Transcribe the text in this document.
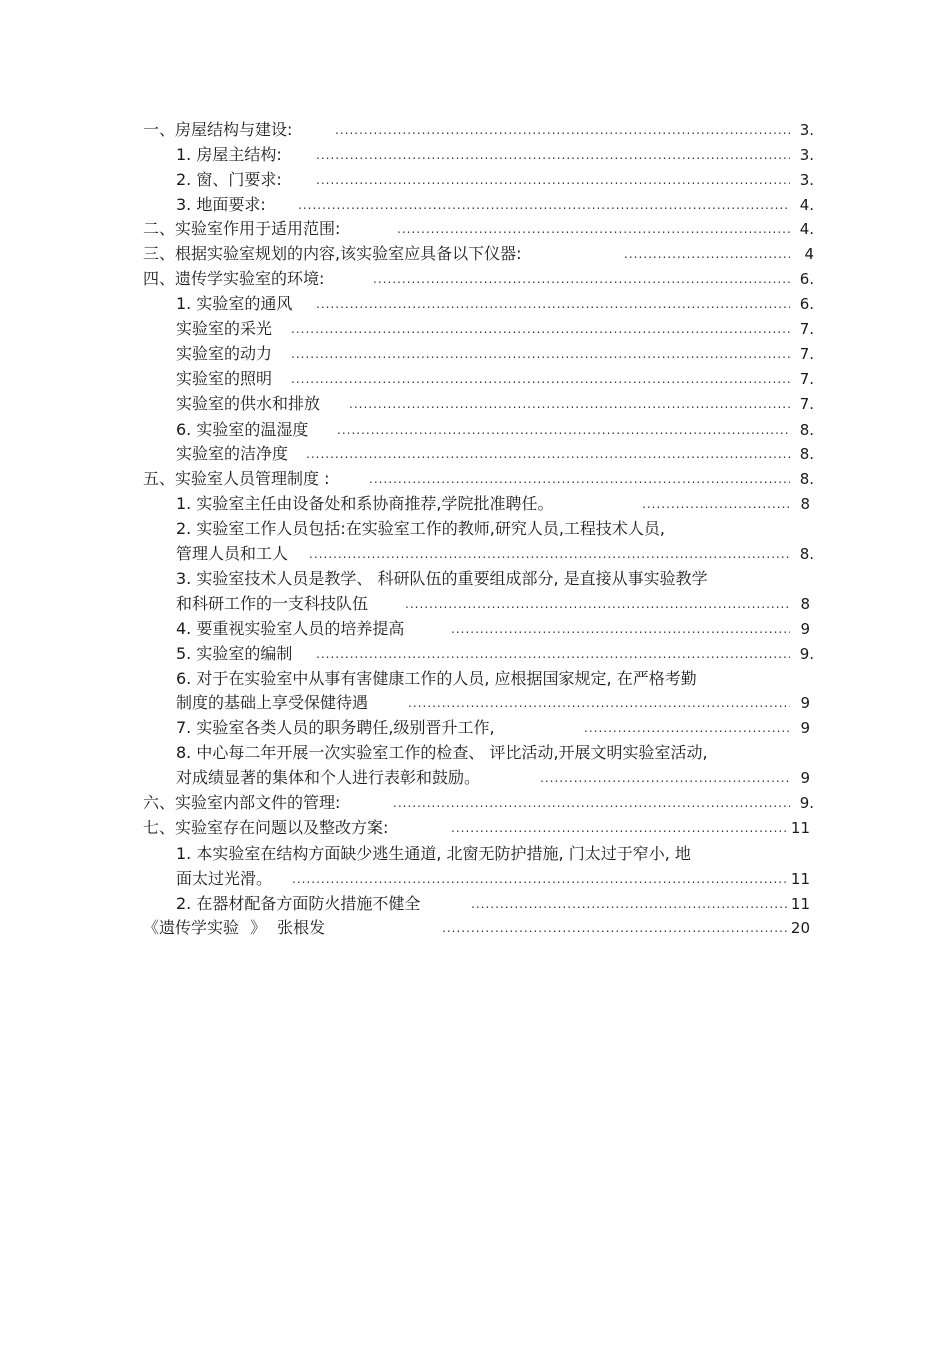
一、房屋结构与建设: .....	3.
1. 房屋主结构: .....	3.
2. 窗、门要求: .....	3.
3. 地面要求: .....	4.
二、实验室作用于适用范围: .....	4.
三、根据实验室规划的内容,该实验室应具备以下仪器: .....	4
四、遗传学实验室的环境: .....	6.
1. 实验室的通风 .....	6.
实验室的采光 .....	7.
实验室的动力 .....	7.
实验室的照明 .....	7.
实验室的供水和排放 .....	7.
6. 实验室的温湿度 .....	8.
实验室的洁净度 .....	8.
五、实验室人员管理制度 : .....	8.
1. 实验室主任由设备处和系协商推荐,学院批准聘任。 .....	8
2. 实验室工作人员包括:在实验室工作的教师,研究人员,工程技术人员,
管理人员和工人 .....	8.
3. 实验室技术人员是教学、 科研队伍的重要组成部分, 是直接从事实验教学
和科研工作的一支科技队伍 .....	8
4. 要重视实验室人员的培养提高 .....	9
5. 实验室的编制 .....	9.
6. 对于在实验室中从事有害健康工作的人员, 应根据国家规定, 在严格考勤
制度的基础上享受保健待遇 .....	9
7. 实验室各类人员的职务聘任,级别晋升工作, .....	9
8. 中心每二年开展一次实验室工作的检查、 评比活动,开展文明实验室活动,
对成绩显著的集体和个人进行表彰和鼓励。 .....	9
六、实验室内部文件的管理: .....	9.
七、实验室存在问题以及整改方案: .....	11
1. 本实验室在结构方面缺少逃生通道, 北窗无防护措施, 门太过于窄小, 地
面太过光滑。 .....	11
2. 在器材配备方面防火措施不健全 .....	11
《遗传学实验 》 张根发 .....	20
